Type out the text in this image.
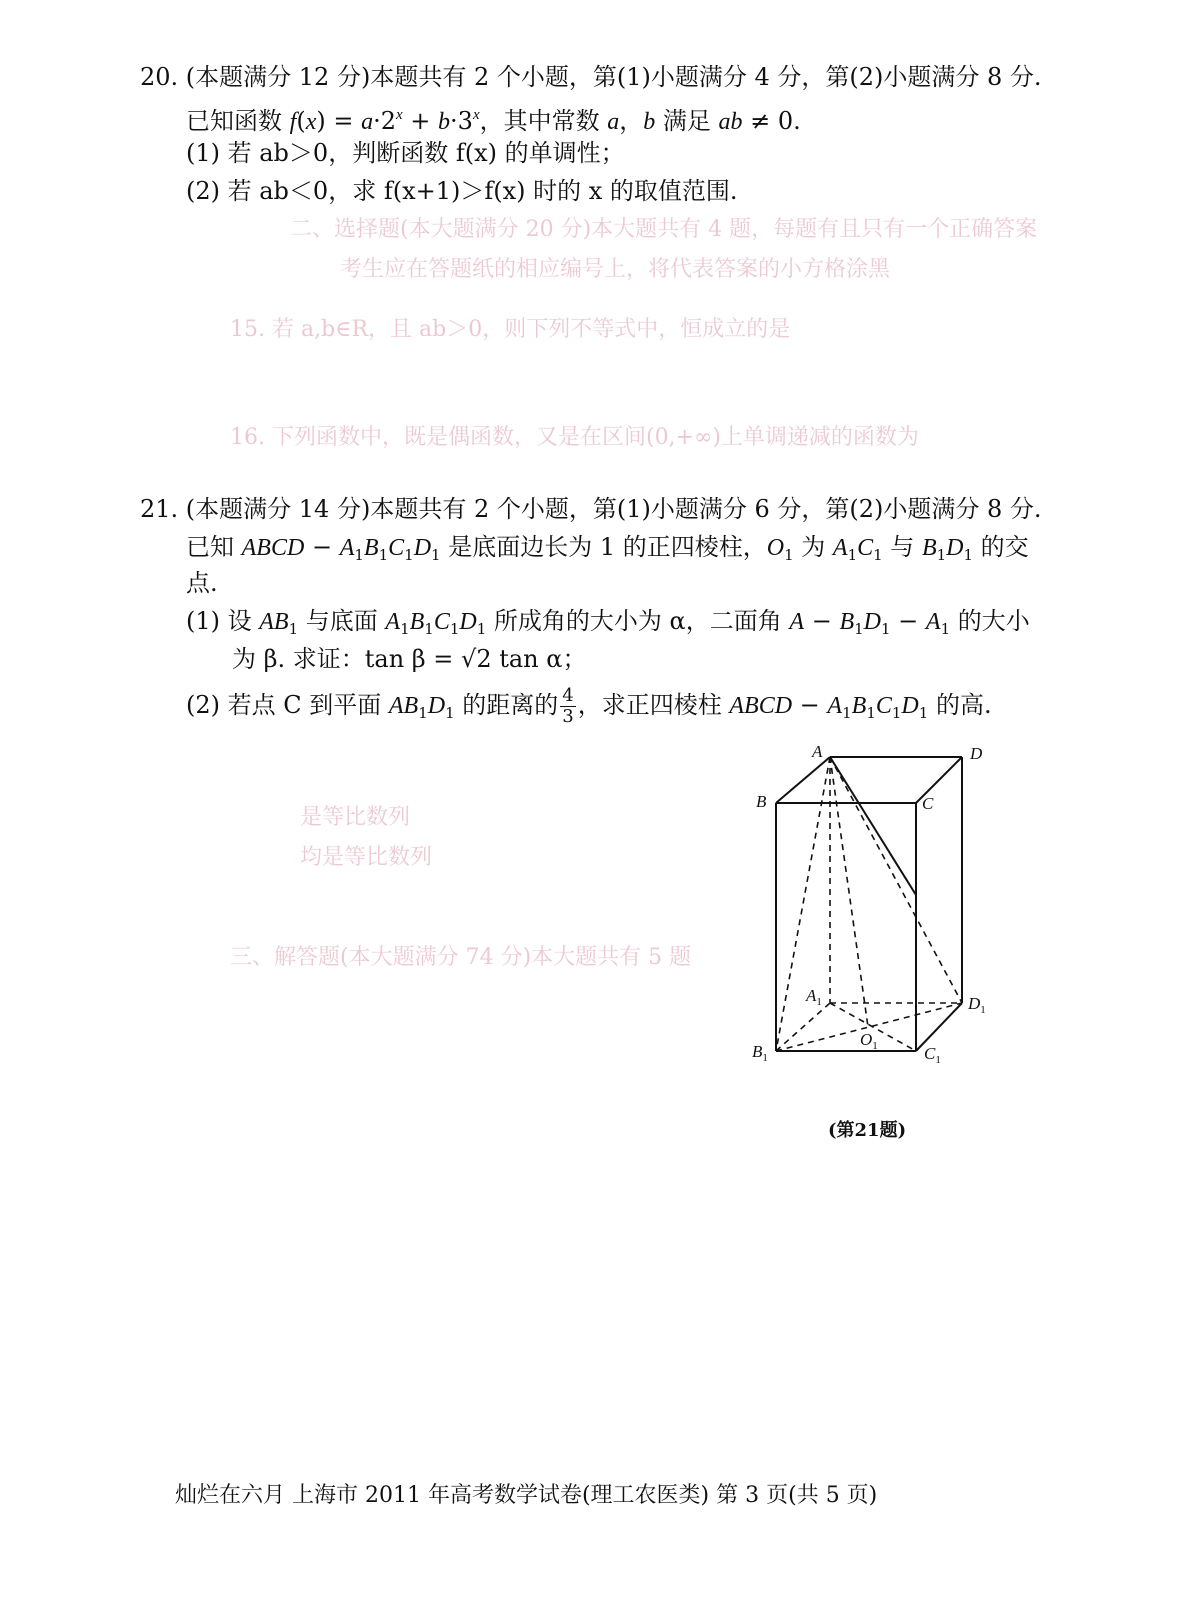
二、选择题(本大题满分 20 分)本大题共有 4 题，每题有且只有一个正确答案
考生应在答题纸的相应编号上，将代表答案的小方格涂黑
15. 若 a,b∈R，且 ab＞0，则下列不等式中，恒成立的是
16. 下列函数中，既是偶函数，又是在区间(0,+∞)上单调递减的函数为
是等比数列
均是等比数列
三、解答题(本大题满分 74 分)本大题共有 5 题
20. (本题满分 12 分)本题共有 2 个小题，第(1)小题满分 4 分，第(2)小题满分 8 分.
已知函数 $f(x) = a\cdot 2^x + b\cdot 3^x$，其中常数 a，b 满足 ab ≠ 0.
(1) 若 ab＞0，判断函数 f(x) 的单调性；
(2) 若 ab＜0，求 f(x+1)＞f(x) 时的 x 的取值范围.
21. (本题满分 14 分)本题共有 2 个小题，第(1)小题满分 6 分，第(2)小题满分 8 分.
已知 ABCD − $A_1B_1C_1D_1$ 是底面边长为 1 的正四棱柱，$O_1$ 为 $A_1C_1$ 与 $B_1D_1$ 的交
点.
(1) 设 $AB_1$ 与底面 $A_1B_1C_1D_1$ 所成角的大小为 α，二面角 $A - B_1D_1 - A_1$ 的大小
为 β. 求证：tan β = √2 tan α；
(2) 若点 C 到平面 $AB_1D_1$ 的距离的 $\frac{4}{3}$ ，求正四棱柱 ABCD − $A_1B_1C_1D_1$ 的高.
A	D
B	C
$A_1$	$D_1$
$B_1$	$C_1$
$O_1$
(第21题)
灿烂在六月 上海市 2011 年高考数学试卷(理工农医类) 第 3 页(共 5 页)
